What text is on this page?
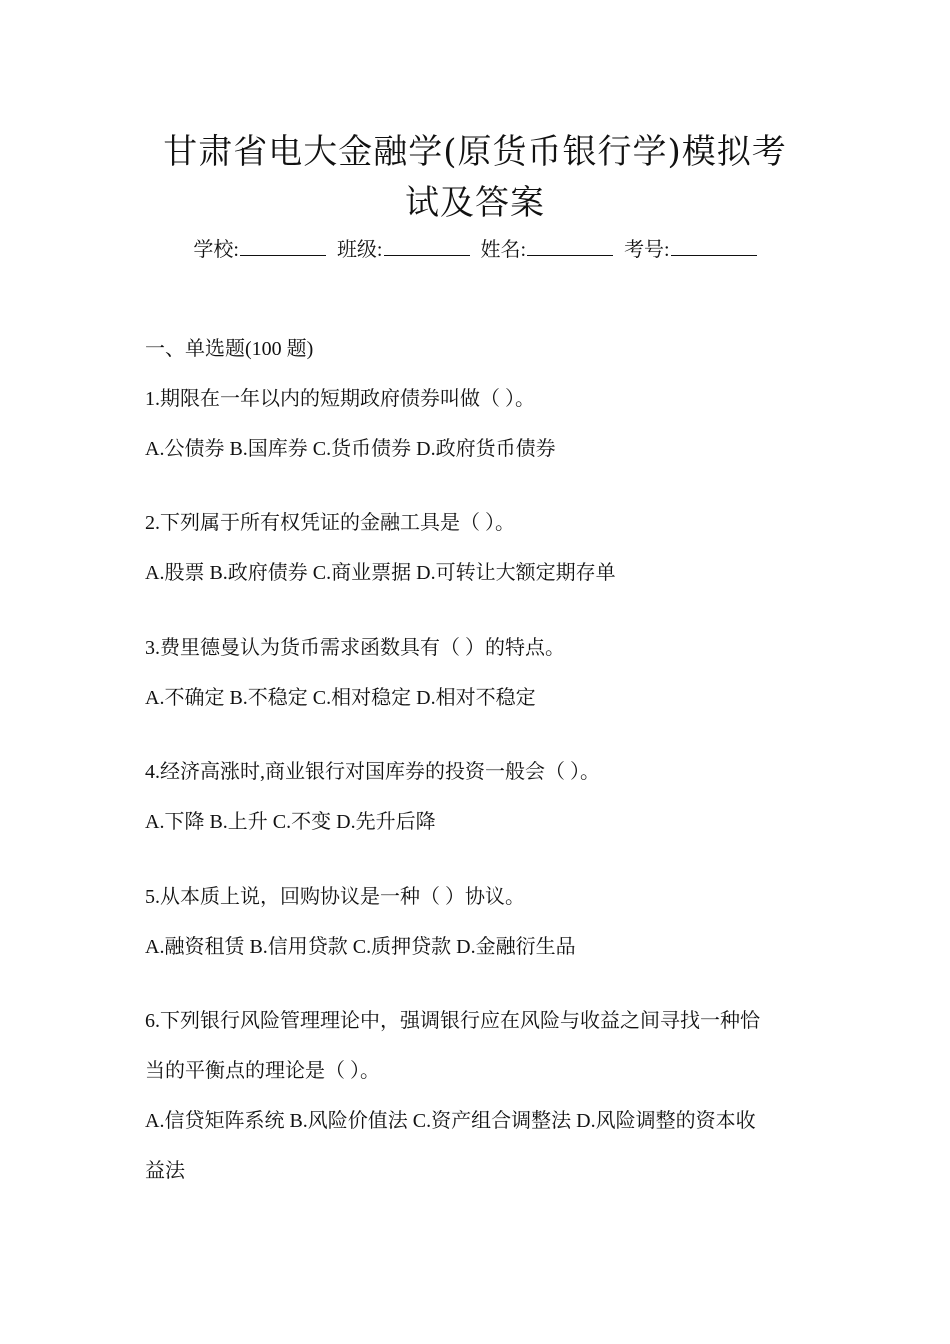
甘肃省电大金融学(原货币银行学)模拟考
试及答案
学校:	班级:	姓名:	考号:
一、单选题(100 题)
1.期限在一年以内的短期政府债券叫做（ ）。
A.公债券 B.国库券 C.货币债券 D.政府货币债券
2.下列属于所有权凭证的金融工具是（ ）。
A.股票 B.政府债券 C.商业票据 D.可转让大额定期存单
3.费里德曼认为货币需求函数具有（ ）的特点。
A.不确定 B.不稳定 C.相对稳定 D.相对不稳定
4.经济高涨时,商业银行对国库券的投资一般会（ ）。
A.下降 B.上升 C.不变 D.先升后降
5.从本质上说，回购协议是一种（ ）协议。
A.融资租赁 B.信用贷款 C.质押贷款 D.金融衍生品
6.下列银行风险管理理论中，强调银行应在风险与收益之间寻找一种恰
当的平衡点的理论是（ ）。
A.信贷矩阵系统 B.风险价值法 C.资产组合调整法 D.风险调整的资本收
益法
